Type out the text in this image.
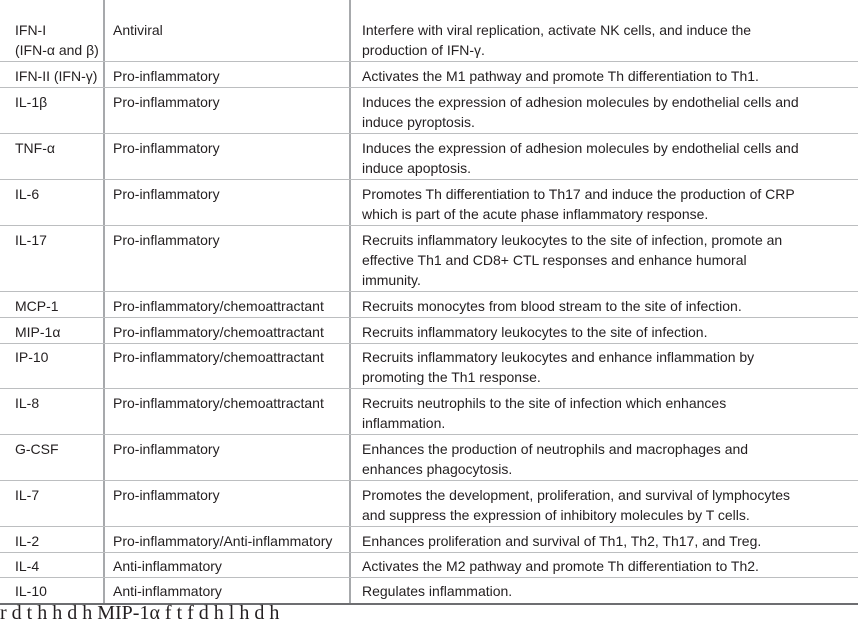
IFN-I	Antiviral	Interfere with viral replication, activate NK cells, and induce the
(IFN-α and β)	production of IFN-γ.
IFN-II (IFN-γ) Pro-inflammatory	Activates the M1 pathway and promote Th differentiation to Th1.
IL-1β	Pro-inflammatory	Induces the expression of adhesion molecules by endothelial cells and
induce pyroptosis.
TNF-α	Pro-inflammatory	Induces the expression of adhesion molecules by endothelial cells and
induce apoptosis.
IL-6	Pro-inflammatory	Promotes Th differentiation to Th17 and induce the production of CRP
which is part of the acute phase inflammatory response.
IL-17	Pro-inflammatory	Recruits inflammatory leukocytes to the site of infection, promote an
effective Th1 and CD8+ CTL responses and enhance humoral
immunity.
MCP-1	Pro-inflammatory/chemoattractant	Recruits monocytes from blood stream to the site of infection.
MIP-1α	Pro-inflammatory/chemoattractant	Recruits inflammatory leukocytes to the site of infection.
IP-10	Pro-inflammatory/chemoattractant	Recruits inflammatory leukocytes and enhance inflammation by
promoting the Th1 response.
IL-8	Pro-inflammatory/chemoattractant	Recruits neutrophils to the site of infection which enhances
inflammation.
G-CSF	Pro-inflammatory	Enhances the production of neutrophils and macrophages and
enhances phagocytosis.
IL-7	Pro-inflammatory	Promotes the development, proliferation, and survival of lymphocytes
and suppress the expression of inhibitory molecules by T cells.
IL-2	Pro-inflammatory/Anti-inflammatory Enhances proliferation and survival of Th1, Th2, Th17, and Treg.
IL-4	Anti-inflammatory	Activates the M2 pathway and promote Th differentiation to Th2.
IL-10	Anti-inflammatory	Regulates inflammation.
r d t h h d h MIP-1α f t f d h l h d h
